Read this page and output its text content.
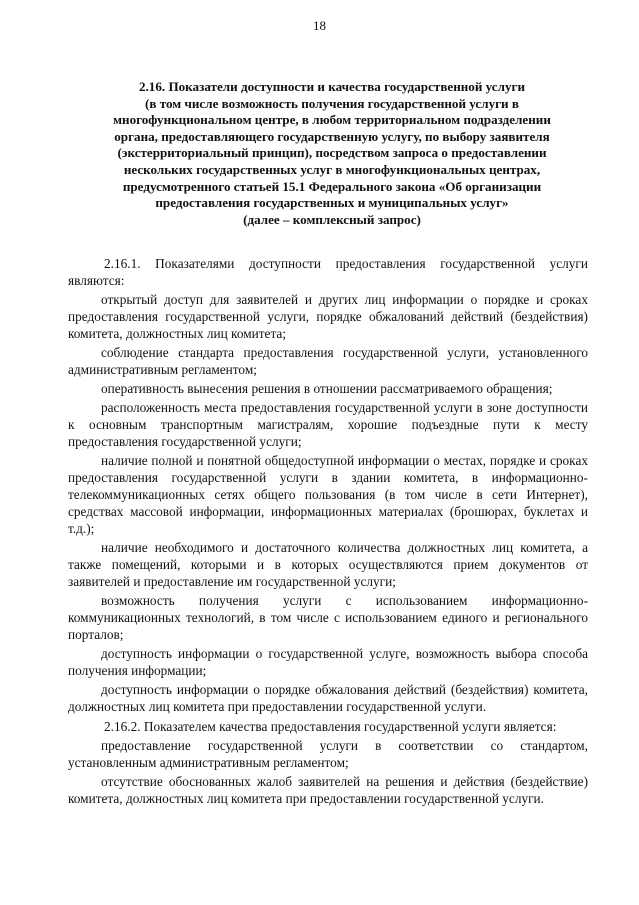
18
2.16. Показатели доступности и качества государственной услуги
(в том числе возможность получения государственной услуги в
многофункциональном центре, в любом территориальном подразделении
органа, предоставляющего государственную услугу, по выбору заявителя
(экстерриториальный принцип), посредством запроса о предоставлении
нескольких государственных услуг в многофункциональных центрах,
предусмотренного статьей 15.1 Федерального закона «Об организации
предоставления государственных и муниципальных услуг»
(далее – комплексный запрос)

2.16.1. Показателями доступности предоставления государственной услуги являются:

открытый доступ для заявителей и других лиц информации о порядке и сроках предоставления государственной услуги, порядке обжалований действий (бездействия) комитета, должностных лиц комитета;

соблюдение стандарта предоставления государственной услуги, установленного административным регламентом;

оперативность вынесения решения в отношении рассматриваемого обращения;

расположенность места предоставления государственной услуги в зоне доступности к основным транспортным магистралям, хорошие подъездные пути к месту предоставления государственной услуги;

наличие полной и понятной общедоступной информации о местах, порядке и сроках предоставления государственной услуги в здании комитета, в информационно-телекоммуникационных сетях общего пользования (в том числе в сети Интернет), средствах массовой информации, информационных материалах (брошюрах, буклетах и т.д.);

наличие необходимого и достаточного количества должностных лиц комитета, а также помещений, которыми и в которых осуществляются прием документов от заявителей и предоставление им государственной услуги;

возможность получения услуги с использованием информационно-коммуникационных технологий, в том числе с использованием единого и регионального порталов;

доступность информации о государственной услуге, возможность выбора способа получения информации;

доступность информации о порядке обжалования действий (бездействия) комитета, должностных лиц комитета при предоставлении государственной услуги.

2.16.2. Показателем качества предоставления государственной услуги является:

предоставление государственной услуги в соответствии со стандартом, установленным административным регламентом;

отсутствие обоснованных жалоб заявителей на решения и действия (бездействие) комитета, должностных лиц комитета при предоставлении государственной услуги.
